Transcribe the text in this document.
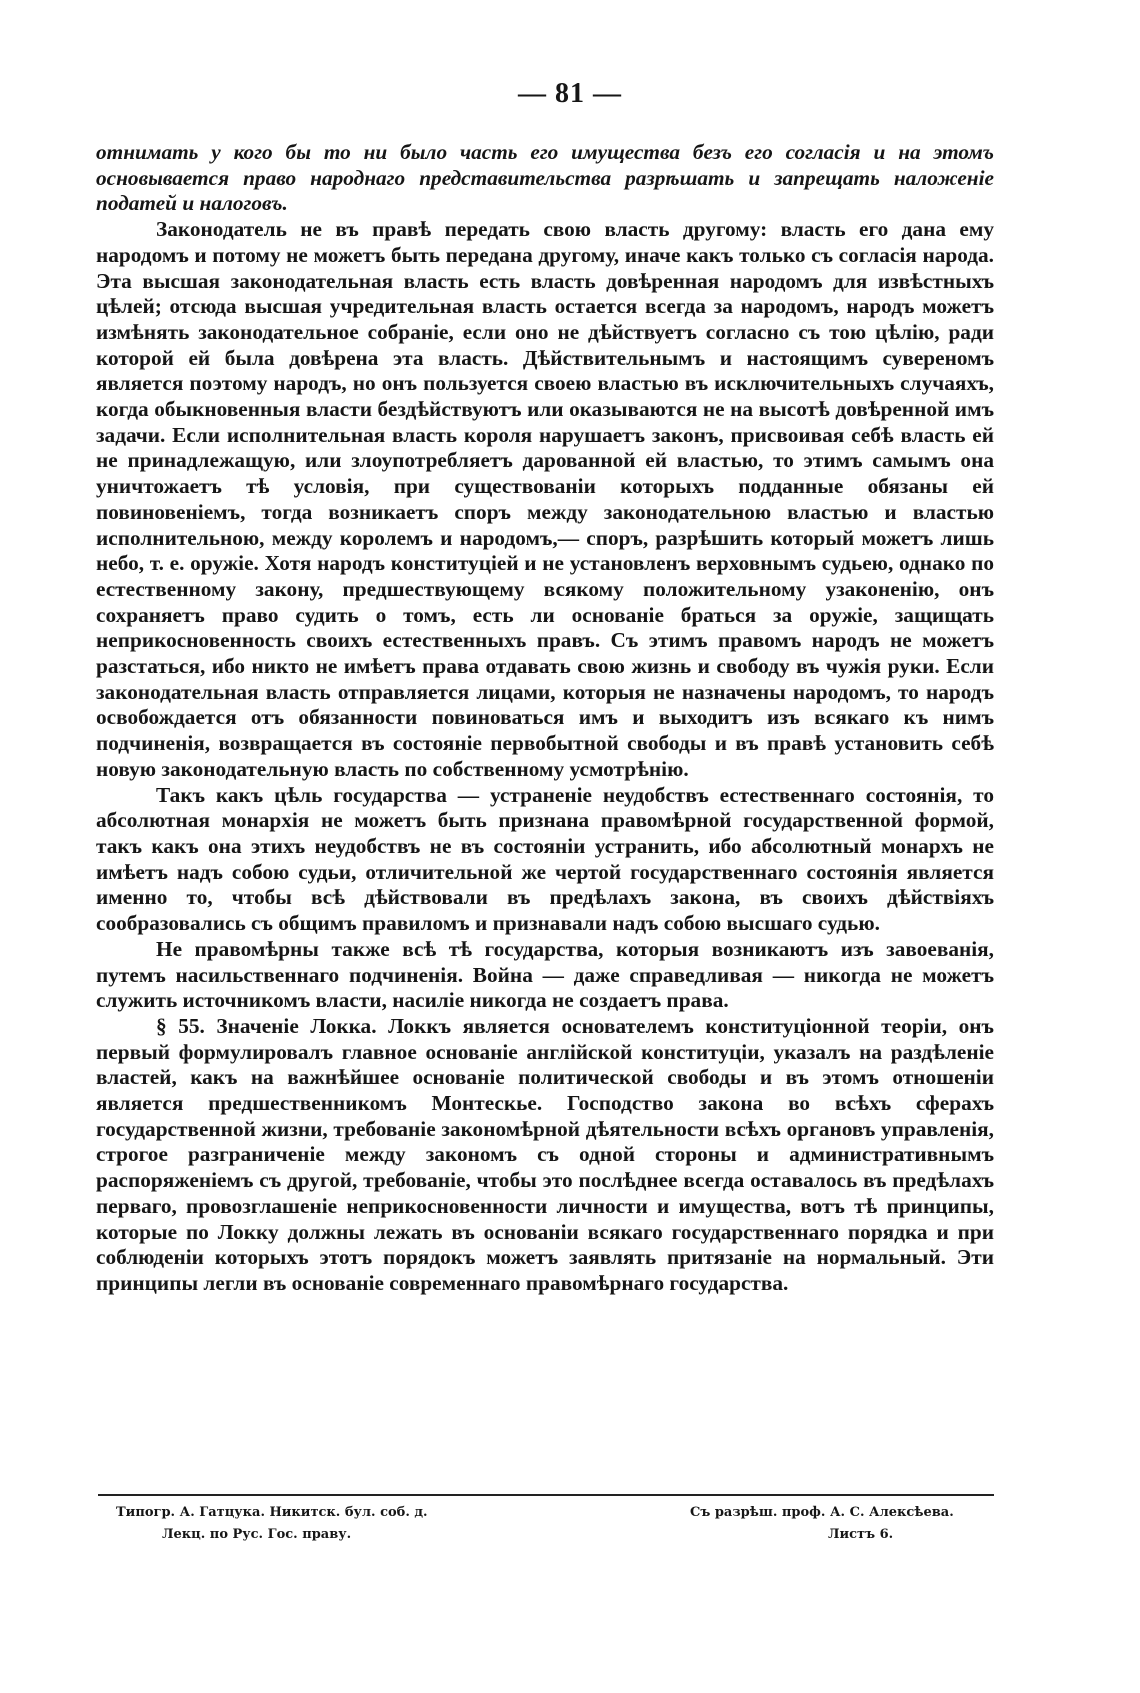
— 81 —

отнимать у кого бы то ни было часть его имущества безъ его согласія и на этомъ основывается право народнаго представительства разрѣшать и запрещать наложеніе податей и налоговъ.

Законодатель не въ правѣ передать свою власть другому: власть его дана ему народомъ и потому не можетъ быть передана другому, иначе какъ только съ согласія народа. Эта высшая законодательная власть есть власть довѣренная народомъ для извѣстныхъ цѣлей; отсюда высшая учредительная власть остается всегда за народомъ, народъ можетъ измѣнять законодательное собраніе, если оно не дѣйствуетъ согласно съ тою цѣлію, ради которой ей была довѣрена эта власть. Дѣйствительнымъ и настоящимъ сувереномъ является поэтому народъ, но онъ пользуется своею властью въ исключительныхъ случаяхъ, когда обыкновенныя власти бездѣйствуютъ или оказываются не на высотѣ довѣренной имъ задачи. Если исполнительная власть короля нарушаетъ законъ, присвоивая себѣ власть ей не принадлежащую, или злоупотребляетъ дарованной ей властью, то этимъ самымъ она уничтожаетъ тѣ условія, при существованіи которыхъ подданные обязаны ей повиновеніемъ, тогда возникаетъ споръ между законодательною властью и властью исполнительною, между королемъ и народомъ,— споръ, разрѣшить который можетъ лишь небо, т. е. оружіе. Хотя народъ конституціей и не установленъ верховнымъ судьею, однако по естественному закону, предшествующему всякому положительному узаконенію, онъ сохраняетъ право судить о томъ, есть ли основаніе браться за оружіе, защищать неприкосновенность своихъ естественныхъ правъ. Съ этимъ правомъ народъ не можетъ разстаться, ибо никто не имѣетъ права отдавать свою жизнь и свободу въ чужія руки. Если законодательная власть отправляется лицами, которыя не назначены народомъ, то народъ освобождается отъ обязанности повиноваться имъ и выходитъ изъ всякаго къ нимъ подчиненія, возвращается въ состояніе первобытной свободы и въ правѣ установить себѣ новую законодательную власть по собственному усмотрѣнію.

Такъ какъ цѣль государства — устраненіе неудобствъ естественнаго состоянія, то абсолютная монархія не можетъ быть признана правомѣрной государственной формой, такъ какъ она этихъ неудобствъ не въ состояніи устранить, ибо абсолютный монархъ не имѣетъ надъ собою судьи, отличительной же чертой государственнаго состоянія является именно то, чтобы всѣ дѣйствовали въ предѣлахъ закона, въ своихъ дѣйствіяхъ сообразовались съ общимъ правиломъ и признавали надъ собою высшаго судью.

Не правомѣрны также всѣ тѣ государства, которыя возникаютъ изъ завоеванія, путемъ насильственнаго подчиненія. Война — даже справедливая — никогда не можетъ служить источникомъ власти, насиліе никогда не создаетъ права.

§ 55. Значеніе Локка. Локкъ является основателемъ конституціонной теоріи, онъ первый формулировалъ главное основаніе англійской конституціи, указалъ на раздѣленіе властей, какъ на важнѣйшее основаніе политической свободы и въ этомъ отношеніи является предшественникомъ Монтескье. Господство закона во всѣхъ сферахъ государственной жизни, требованіе закономѣрной дѣятельности всѣхъ органовъ управленія, строгое разграниченіе между закономъ съ одной стороны и административнымъ распоряженіемъ съ другой, требованіе, чтобы это послѣднее всегда оставалось въ предѣлахъ перваго, провозглашеніе неприкосновенности личности и имущества, вотъ тѣ принципы, которые по Локку должны лежать въ основаніи всякаго государственнаго порядка и при соблюденіи которыхъ этотъ порядокъ можетъ заявлять притязаніе на нормальный. Эти принципы легли въ основаніе современнаго правомѣрнаго государства.

Типогр. А. Гатцука. Никитск. бул. соб. д.
Лекц. по Рус. Гос. праву.
Съ разрѣш. проф. А. С. Алексѣева.
Листъ 6.
